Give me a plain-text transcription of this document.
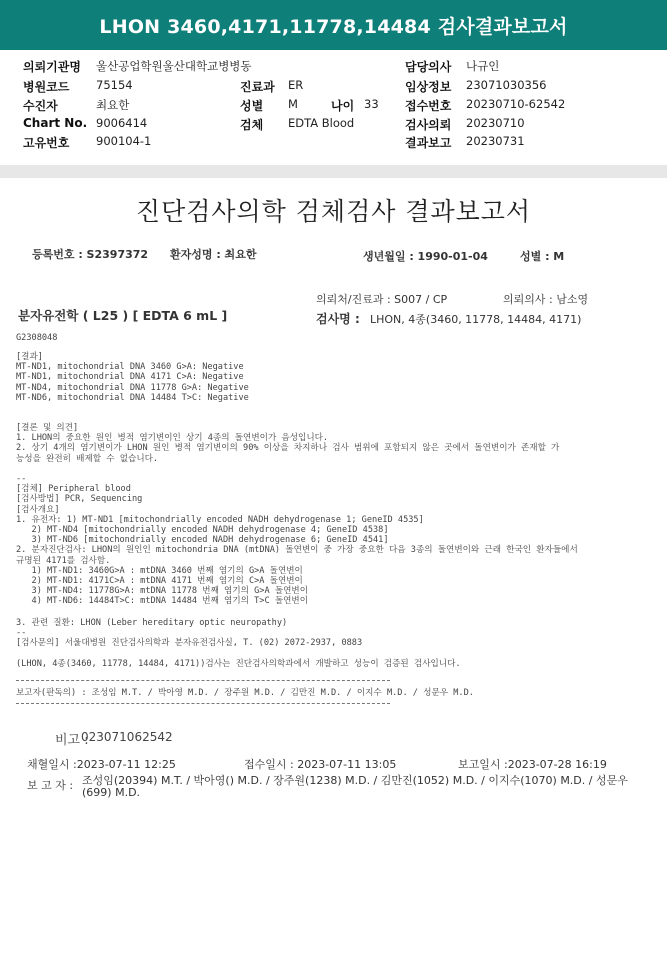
LHON 3460,4171,11778,14484 검사결과보고서
의뢰기관명 울산공업학원울산대학교병병동	담당의사 나규인
병원코드 75154	진료과 ER	임상정보 23071030356
수진자	최요한	성별 M	나이 33 접수번호 20230710-62542
Chart No. 9006414	검체 EDTA Blood	검사의뢰 20230710
고유번호 900104-1	결과보고 20230731
진단검사의학 검체검사 결과보고서
등록번호 : S2397372 환자성명 : 최요한	생년월일 : 1990-01-04	성별 : M
의뢰처/진료과 : S007 / CP	의뢰의사 : 남소영
분자유전학 ( L25 ) [ EDTA 6 mL ]	검사명 : LHON, 4종(3460, 11778, 14484, 4171)
G2308048
[결과]
MT-ND1, mitochondrial DNA 3460 G>A: Negative
MT-ND1, mitochondrial DNA 4171 C>A: Negative
MT-ND4, mitochondrial DNA 11778 G>A: Negative
MT-ND6, mitochondrial DNA 14484 T>C: Negative
[결론 및 의견]
1. LHON의 중요한 원인 병적 염기변이인 상기 4종의 돌연변이가 음성입니다.
2. 상기 4개의 염기변이가 LHON 원인 병적 염기변이의 90% 이상을 차지하나 검사 범위에 포함되지 않은 곳에서 돌연변이가 존재할 가
능성을 완전히 배제할 수 없습니다.
--
[검체] Peripheral blood
[검사방법] PCR, Sequencing
[검사개요]
1. 유전자: 1) MT-ND1 [mitochondrially encoded NADH dehydrogenase 1; GeneID 4535]
2) MT-ND4 [mitochondrially encoded NADH dehydrogenase 4; GeneID 4538]
3) MT-ND6 [mitochondrially encoded NADH dehydrogenase 6; GeneID 4541]
2. 분자진단검사: LHON의 원인인 mitochondria DNA (mtDNA) 돌연변이 중 가장 중요한 다음 3종의 돌연변이와 근래 한국인 환자들에서
규명된 4171를 검사함.
1) MT-ND1: 3460G>A : mtDNA 3460 번째 염기의 G>A 돌연변이
2) MT-ND1: 4171C>A : mtDNA 4171 번째 염기의 C>A 돌연변이
3) MT-ND4: 11778G>A: mtDNA 11778 번째 염기의 G>A 돌연변이
4) MT-ND6: 14484T>C: mtDNA 14484 번째 염기의 T>C 돌연변이
3. 관련 질환: LHON (Leber hereditary optic neuropathy)
--
[검사문의] 서울대병원 진단검사의학과 분자유전검사실, T. (02) 2072-2937, 0883
(LHON, 4종(3460, 11778, 14484, 4171))검사는 진단검사의학과에서 개발하고 성능이 검증된 검사입니다.
보고자(판독의) : 조성임 M.T. / 박아영 M.D. / 장주원 M.D. / 김만진 M.D. / 이지수 M.D. / 성문우 M.D.
비고 :
023071062542
채혈일시 :2023-07-11 12:25	접수일시 : 2023-07-11 13:05	보고일시 :2023-07-28 16:19
보 고 자 : 조성임(20394) M.T. / 박아영() M.D. / 장주원(1238) M.D. / 김만진(1052) M.D. / 이지수(1070) M.D. / 성문우
(699) M.D.
